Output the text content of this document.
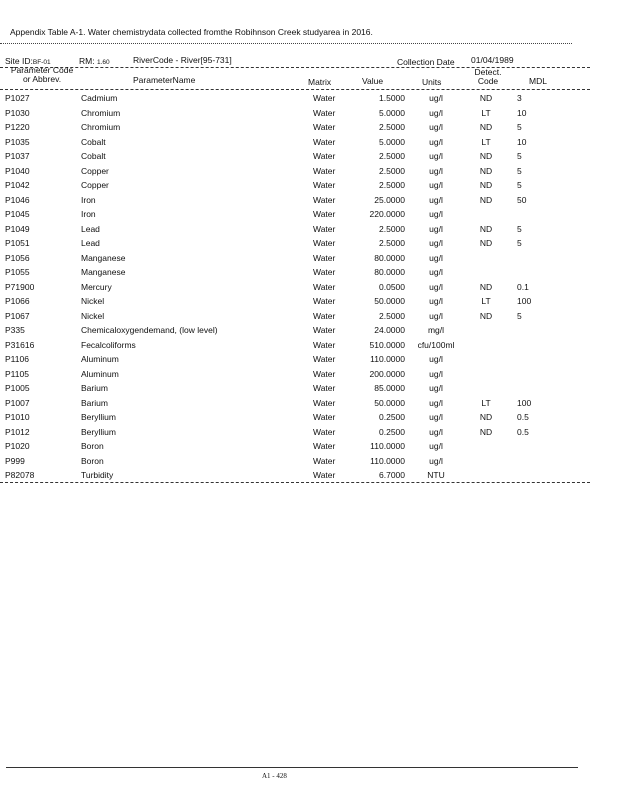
Appendix Table A-1. Water chemistrydata collected fromthe Robihnson Creek studyarea in 2016.
Site ID:BF-01	RM: 1.60	RiverCode - River[95-731]	Collection Date 01/04/1989
Parameter Code
or Abbrev.	ParameterName	Matrix	Value	Units
Detect.
Code	MDL
P1027	Cadmium	Water	1.5000	ug/l	ND	3
P1030	Chromium	Water	5.0000	ug/l	LT	10
P1220	Chromium	Water	2.5000	ug/l	ND	5
P1035	Cobalt	Water	5.0000	ug/l	LT	10
P1037	Cobalt	Water	2.5000	ug/l	ND	5
P1040	Copper	Water	2.5000	ug/l	ND	5
P1042	Copper	Water	2.5000	ug/l	ND	5
P1046	Iron	Water	25.0000	ug/l	ND	50
P1045	Iron	Water	220.0000	ug/l		
P1049	Lead	Water	2.5000	ug/l	ND	5
P1051	Lead	Water	2.5000	ug/l	ND	5
P1056	Manganese	Water	80.0000	ug/l		
P1055	Manganese	Water	80.0000	ug/l		
P71900	Mercury	Water	0.0500	ug/l	ND	0.1
P1066	Nickel	Water	50.0000	ug/l	LT	100
P1067	Nickel	Water	2.5000	ug/l	ND	5
P335	Chemicaloxygendemand, (low level)	Water	24.0000	mg/l		
P31616	Fecalcoliforms	Water	510.0000	cfu/100ml		
P1106	Aluminum	Water	110.0000	ug/l		
P1105	Aluminum	Water	200.0000	ug/l		
P1005	Barium	Water	85.0000	ug/l		
P1007	Barium	Water	50.0000	ug/l	LT	100
P1010	Beryllium	Water	0.2500	ug/l	ND	0.5
P1012	Beryllium	Water	0.2500	ug/l	ND	0.5
P1020	Boron	Water	110.0000	ug/l		
P999	Boron	Water	110.0000	ug/l		
P82078	Turbidity	Water	6.7000	NTU		
A1 - 428
